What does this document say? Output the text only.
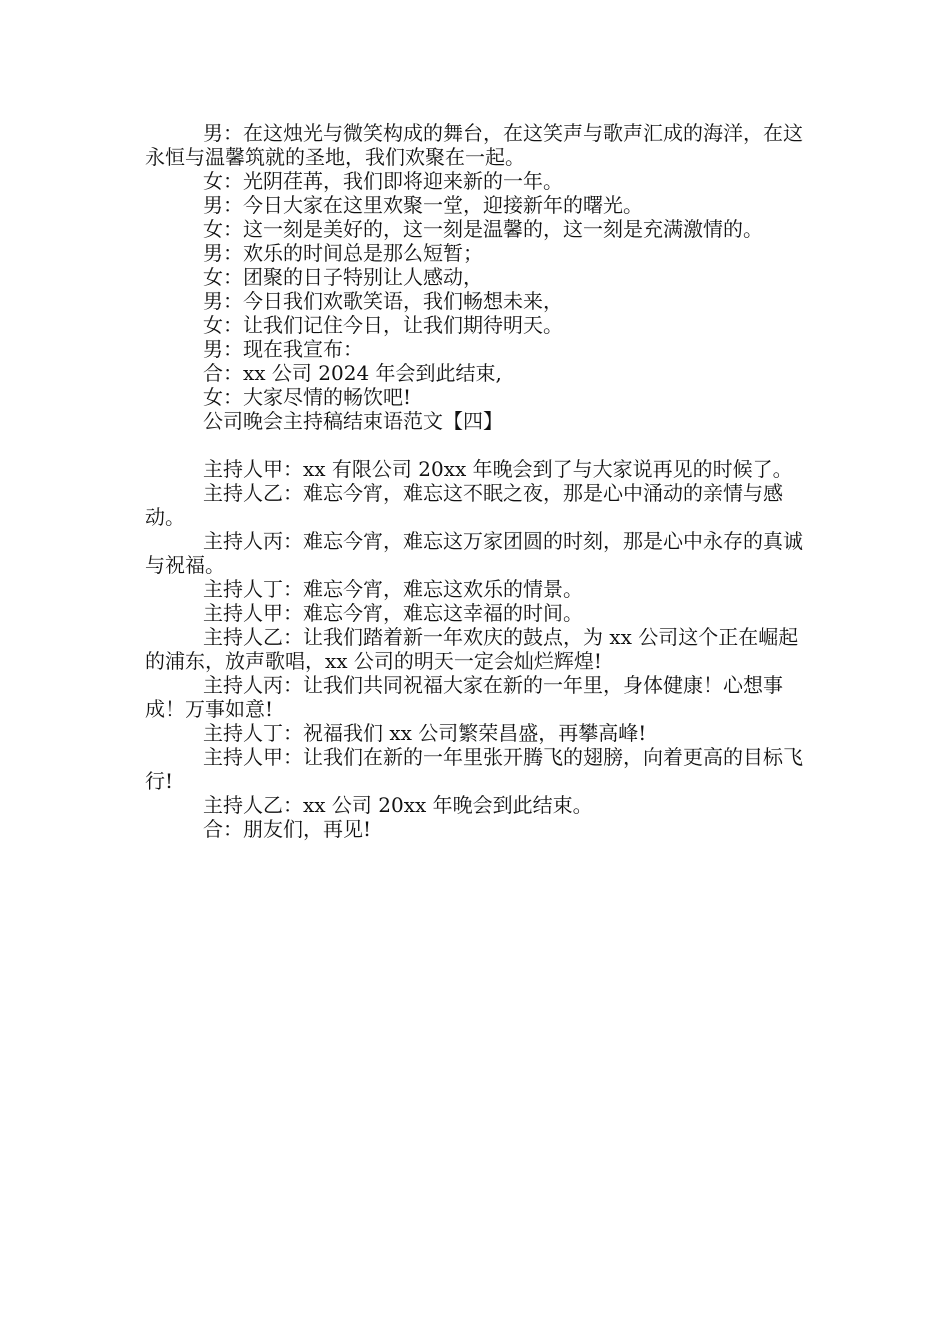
男：在这烛光与微笑构成的舞台，在这笑声与歌声汇成的海洋，在这永恒与温馨筑就的圣地，我们欢聚在一起。

女：光阴荏苒，我们即将迎来新的一年。

男：今日大家在这里欢聚一堂，迎接新年的曙光。

女：这一刻是美好的，这一刻是温馨的，这一刻是充满激情的。

男：欢乐的时间总是那么短暂；

女：团聚的日子特别让人感动，

男：今日我们欢歌笑语，我们畅想未来，

女：让我们记住今日，让我们期待明天。

男：现在我宣布：

合：xx 公司 2024 年会到此结束,

女：大家尽情的畅饮吧!

公司晚会主持稿结束语范文【四】

主持人甲：xx 有限公司 20xx 年晚会到了与大家说再见的时候了。

主持人乙：难忘今宵，难忘这不眠之夜，那是心中涌动的亲情与感动。

主持人丙：难忘今宵，难忘这万家团圆的时刻，那是心中永存的真诚与祝福。

主持人丁：难忘今宵，难忘这欢乐的情景。

主持人甲：难忘今宵，难忘这幸福的时间。

主持人乙：让我们踏着新一年欢庆的鼓点，为 xx 公司这个正在崛起的浦东，放声歌唱，xx 公司的明天一定会灿烂辉煌!

主持人丙：让我们共同祝福大家在新的一年里，身体健康！心想事成！万事如意!

主持人丁：祝福我们 xx 公司繁荣昌盛，再攀高峰!

主持人甲：让我们在新的一年里张开腾飞的翅膀，向着更高的目标飞行!

主持人乙：xx 公司 20xx 年晚会到此结束。

合：朋友们，再见!
